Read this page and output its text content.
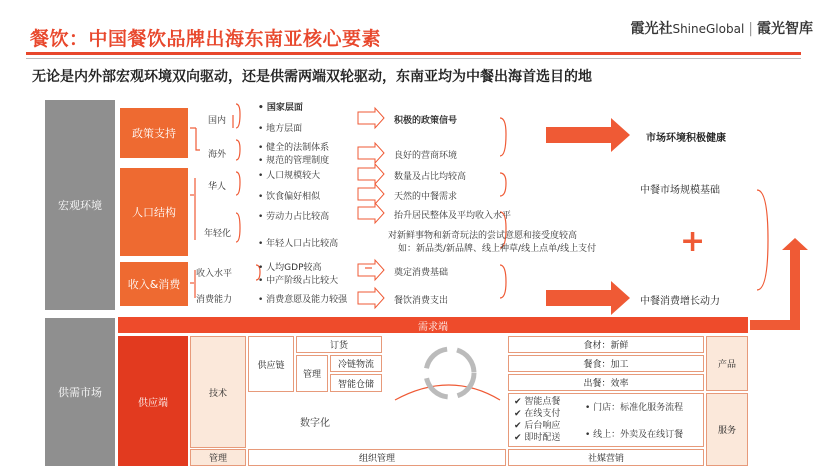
餐饮：中国餐饮品牌出海东南亚核心要素	霞光社ShineGlobal | 霞光智库
无论是内外部宏观环境双向驱动，还是供需两端双轮驱动，东南亚均为中餐出海首选目的地
宏观环境
供需市场
政策支持
人口结构
收入&消费
国内
海外
• 国家层面
• 地方层面
• 健全的法制体系
• 规范的管理制度
积极的政策信号
良好的营商环境
华人
年轻化
• 人口规模较大
• 饮食偏好相似
• 劳动力占比较高
• 年轻人口占比较高
数量及占比均较高
天然的中餐需求
抬升居民整体及平均收入水平
对新鲜事物和新奇玩法的尝试意愿和接受度较高
如：新品类/新品牌、线上种草/线上点单/线上支付
收入水平
消费能力
• 人均GDP较高
• 中产阶级占比较大
• 消费意愿及能力较强
奠定消费基础
餐饮消费支出
市场环境积极健康
中餐市场规模基础
+
中餐消费增长动力
需求端
供应端
技术
管理
供应链
订货
管理
冷链物流
智能仓储
数字化
组织管理	社媒营销
食材：新鲜
餐食：加工
出餐：效率
产品
服务
✔ 智能点餐
✔ 在线支付
✔ 后台响应
✔ 即时配送
• 门店：标准化服务流程
• 线上：外卖及在线订餐
